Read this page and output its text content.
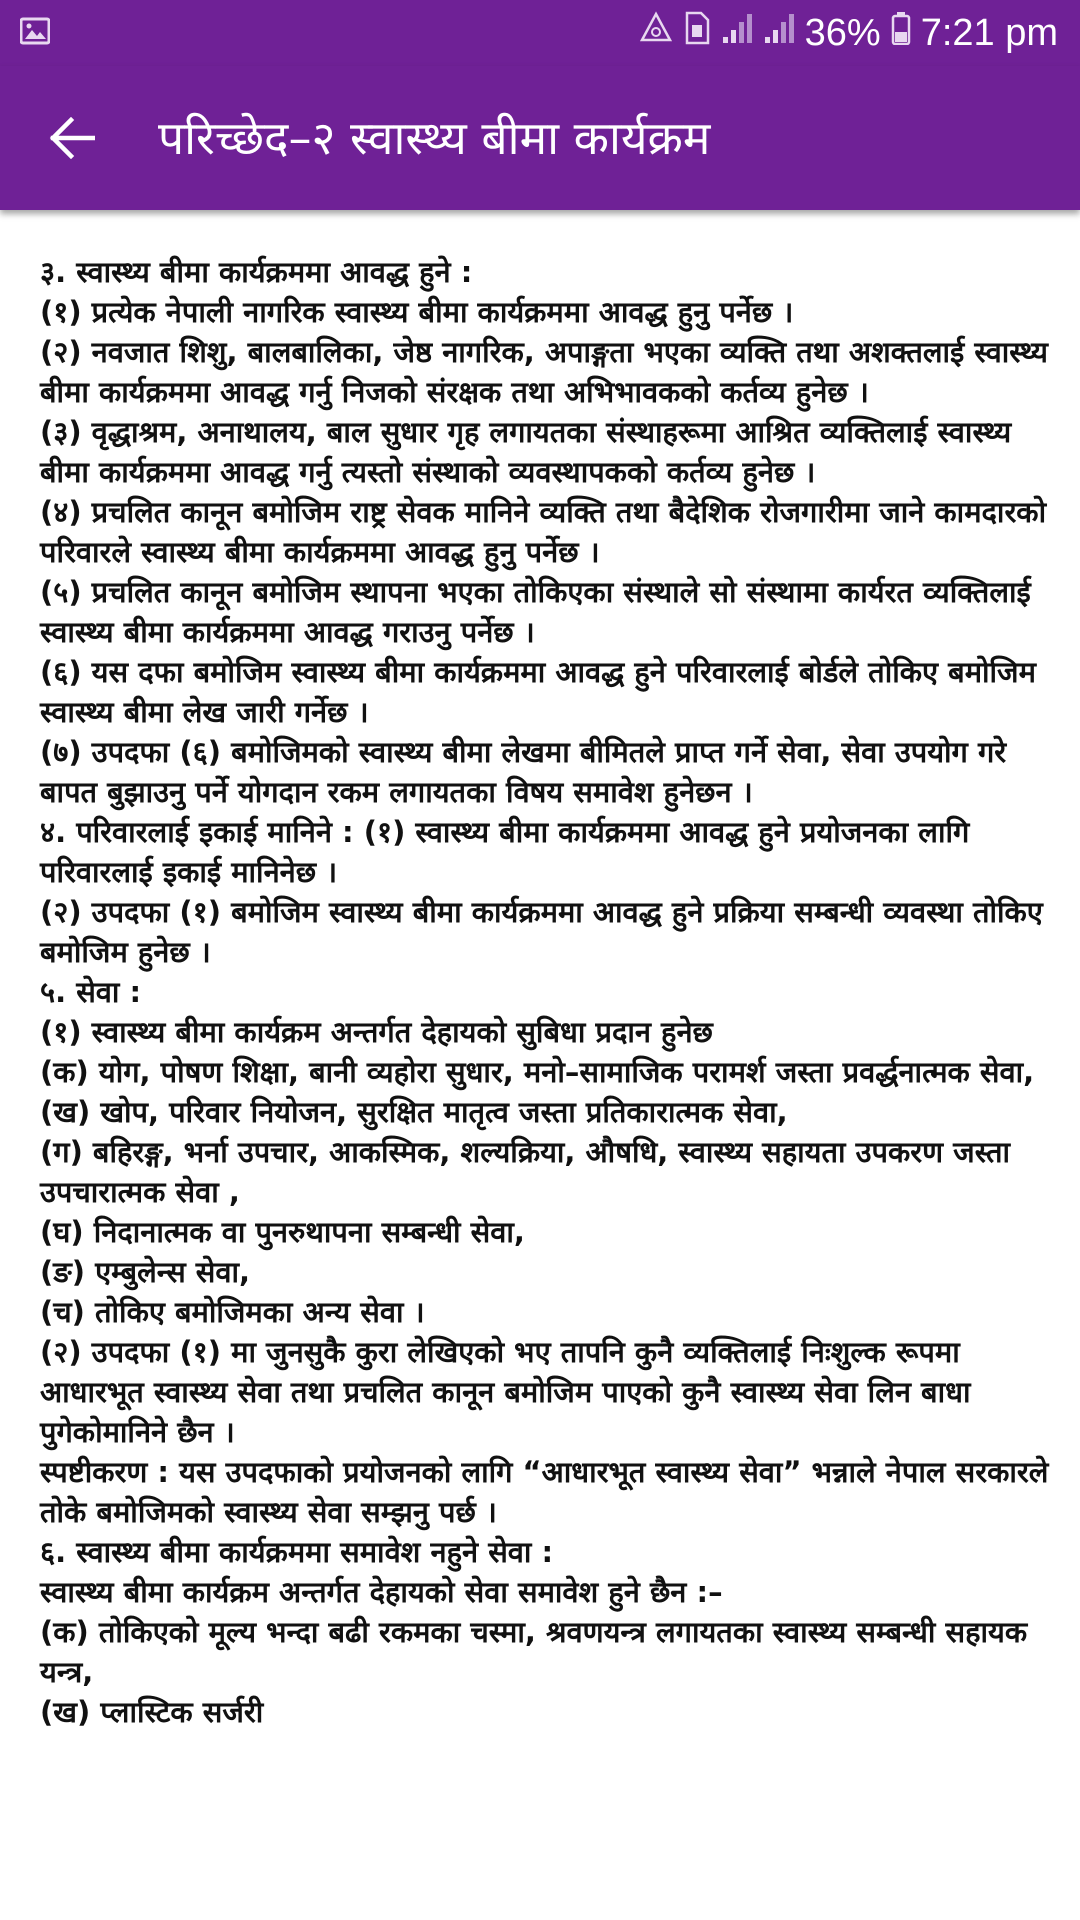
36% 7:21 pm
परिच्छेद–२ स्वास्थ्य बीमा कार्यक्रम

३. स्वास्थ्य बीमा कार्यक्रममा आवद्ध हुने :

(१) प्रत्येक नेपाली नागरिक स्वास्थ्य बीमा कार्यक्रममा आवद्ध हुनु पर्नेछ ।

(२) नवजात शिशु, बालबालिका, जेष्ठ नागरिक, अपाङ्गता भएका व्यक्ति तथा अशक्तलाई स्वास्थ्य बीमा कार्यक्रममा आवद्ध गर्नु निजको संरक्षक तथा अभिभावकको कर्तव्य हुनेछ ।

(३) वृद्धाश्रम, अनाथालय, बाल सुधार गृह लगायतका संस्थाहरूमा आश्रित व्यक्तिलाई स्वास्थ्य बीमा कार्यक्रममा आवद्ध गर्नु त्यस्तो संस्थाको व्यवस्थापकको कर्तव्य हुनेछ ।

(४) प्रचलित कानून बमोजिम राष्ट्र सेवक मानिने व्यक्ति तथा बैदेशिक रोजगारीमा जाने कामदारको परिवारले स्वास्थ्य बीमा कार्यक्रममा आवद्ध हुनु पर्नेछ ।

(५) प्रचलित कानून बमोजिम स्थापना भएका तोकिएका संस्थाले सो संस्थामा कार्यरत व्यक्तिलाई स्वास्थ्य बीमा कार्यक्रममा आवद्ध गराउनु पर्नेछ ।

(६) यस दफा बमोजिम स्वास्थ्य बीमा कार्यक्रममा आवद्ध हुने परिवारलाई बोर्डले तोकिए बमोजिम स्वास्थ्य बीमा लेख जारी गर्नेछ ।

(७) उपदफा (६) बमोजिमको स्वास्थ्य बीमा लेखमा बीमितले प्राप्त गर्ने सेवा, सेवा उपयोग गरे बापत बुझाउनु पर्ने योगदान रकम लगायतका विषय समावेश हुनेछन ।

४. परिवारलाई इकाई मानिने : (१) स्वास्थ्य बीमा कार्यक्रममा आवद्ध हुने प्रयोजनका लागि परिवारलाई इकाई मानिनेछ ।

(२) उपदफा (१) बमोजिम स्वास्थ्य बीमा कार्यक्रममा आवद्ध हुने प्रक्रिया सम्बन्धी व्यवस्था तोकिए बमोजिम हुनेछ ।

५. सेवा :

(१) स्वास्थ्य बीमा कार्यक्रम अन्तर्गत देहायको सुबिधा प्रदान हुनेछ

(क) योग, पोषण शिक्षा, बानी व्यहोरा सुधार, मनो–सामाजिक परामर्श जस्ता प्रवर्द्धनात्मक सेवा,

(ख) खोप, परिवार नियोजन, सुरक्षित मातृत्व जस्ता प्रतिकारात्मक सेवा,

(ग) बहिरङ्ग, भर्ना उपचार, आकस्मिक, शल्यक्रिया, औषधि, स्वास्थ्य सहायता उपकरण जस्ता उपचारात्मक सेवा ,

(घ) निदानात्मक वा पुनरुथापना सम्बन्धी सेवा,

(ङ) एम्बुलेन्स सेवा,

(च) तोकिए बमोजिमका अन्य सेवा ।

(२) उपदफा (१) मा जुनसुकै कुरा लेखिएको भए तापनि कुनै व्यक्तिलाई निःशुल्क रूपमा आधारभूत स्वास्थ्य सेवा तथा प्रचलित कानून बमोजिम पाएको कुनै स्वास्थ्य सेवा लिन बाधा पुगेकोमानिने छैन ।

स्पष्टीकरण : यस उपदफाको प्रयोजनको लागि “आधारभूत स्वास्थ्य सेवा” भन्नाले नेपाल सरकारले तोके बमोजिमको स्वास्थ्य सेवा सम्झनु पर्छ ।

६. स्वास्थ्य बीमा कार्यक्रममा समावेश नहुने सेवा :

स्वास्थ्य बीमा कार्यक्रम अन्तर्गत देहायको सेवा समावेश हुने छैन :–

(क) तोकिएको मूल्य भन्दा बढी रकमका चस्मा, श्रवणयन्त्र लगायतका स्वास्थ्य सम्बन्धी सहायक यन्त्र,

(ख) प्लास्टिक सर्जरी
